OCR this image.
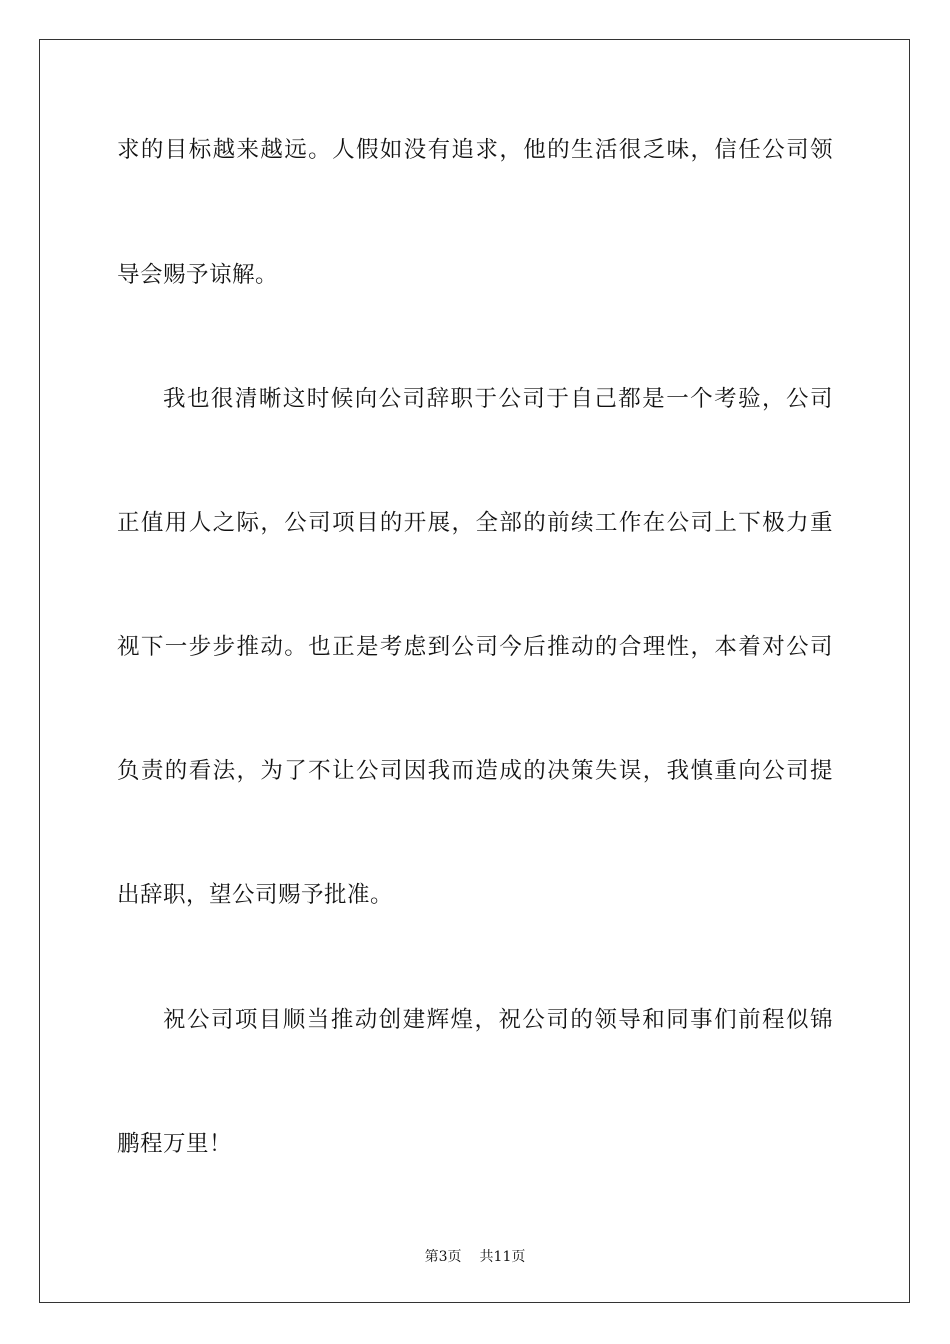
求的目标越来越远。人假如没有追求，他的生活很乏味，信任公司领
导会赐予谅解。
我也很清晰这时候向公司辞职于公司于自己都是一个考验，公司
正值用人之际，公司项目的开展，全部的前续工作在公司上下极力重
视下一步步推动。也正是考虑到公司今后推动的合理性，本着对公司
负责的看法，为了不让公司因我而造成的决策失误，我慎重向公司提
出辞职，望公司赐予批准。
祝公司项目顺当推动创建辉煌，祝公司的领导和同事们前程似锦
鹏程万里！
第3页 共11页
